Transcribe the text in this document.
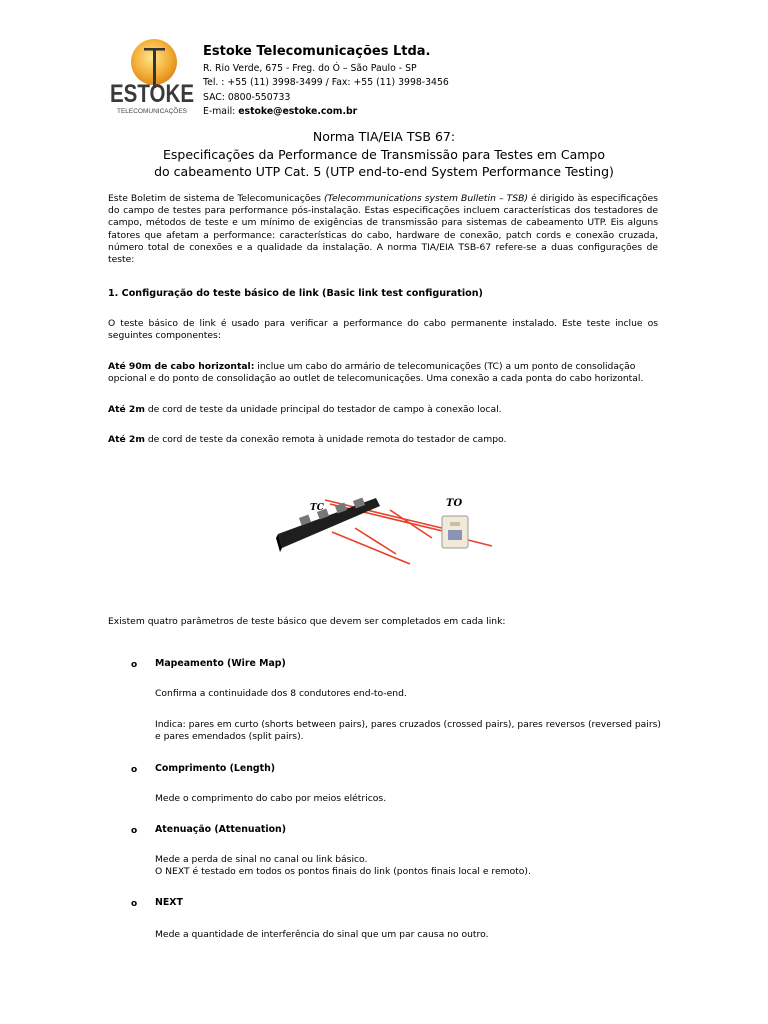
ESTOKE
TELECOMUNICAÇÕES
Estoke Telecomunicações Ltda.
R. Rio Verde, 675 - Freg. do Ó – São Paulo - SP
Tel. : +55 (11) 3998-3499 / Fax: +55 (11) 3998-3456
SAC: 0800-550733
E-mail: estoke@estoke.com.br
Norma TIA/EIA TSB 67:
Especificações da Performance de Transmissão para Testes em Campo
do cabeamento UTP Cat. 5 (UTP end-to-end System Performance Testing)
Este Boletim de sistema de Telecomunicações (Telecommunications system Bulletin – TSB) é dirigido às especificações do campo de testes para performance pós-instalação. Estas especificações incluem características dos testadores de campo, métodos de teste e um mínimo de exigências de transmissão para sistemas de cabeamento UTP. Eis alguns fatores que afetam a performance: características do cabo, hardware de conexão, patch cords e conexão cruzada, número total de conexões e a qualidade da instalação. A norma TIA/EIA TSB-67 refere-se a duas configurações de teste:
1. Configuração do teste básico de link (Basic link test configuration)
O teste básico de link é usado para verificar a performance do cabo permanente instalado. Este teste inclue os seguintes componentes:
Até 90m de cabo horizontal: inclue um cabo do armário de telecomunicações (TC) a um ponto de consolidação opcional e do ponto de consolidação ao outlet de telecomunicações. Uma conexão a cada ponta do cabo horizontal.
Até 2m de cord de teste da unidade principal do testador de campo à conexão local.
Até 2m de cord de teste da conexão remota à unidade remota do testador de campo.
TC	TO
Existem quatro parâmetros de teste básico que devem ser completados em cada link:
o Mapeamento (Wire Map)
Confirma a continuidade dos 8 condutores end-to-end.
Indica: pares em curto (shorts between pairs), pares cruzados (crossed pairs), pares reversos (reversed pairs) e pares emendados (split pairs).
o Comprimento (Length)
Mede o comprimento do cabo por meios elétricos.
o Atenuação (Attenuation)
Mede a perda de sinal no canal ou link básico.
O NEXT é testado em todos os pontos finais do link (pontos finais local e remoto).
o NEXT
Mede a quantidade de interferência do sinal que um par causa no outro.
